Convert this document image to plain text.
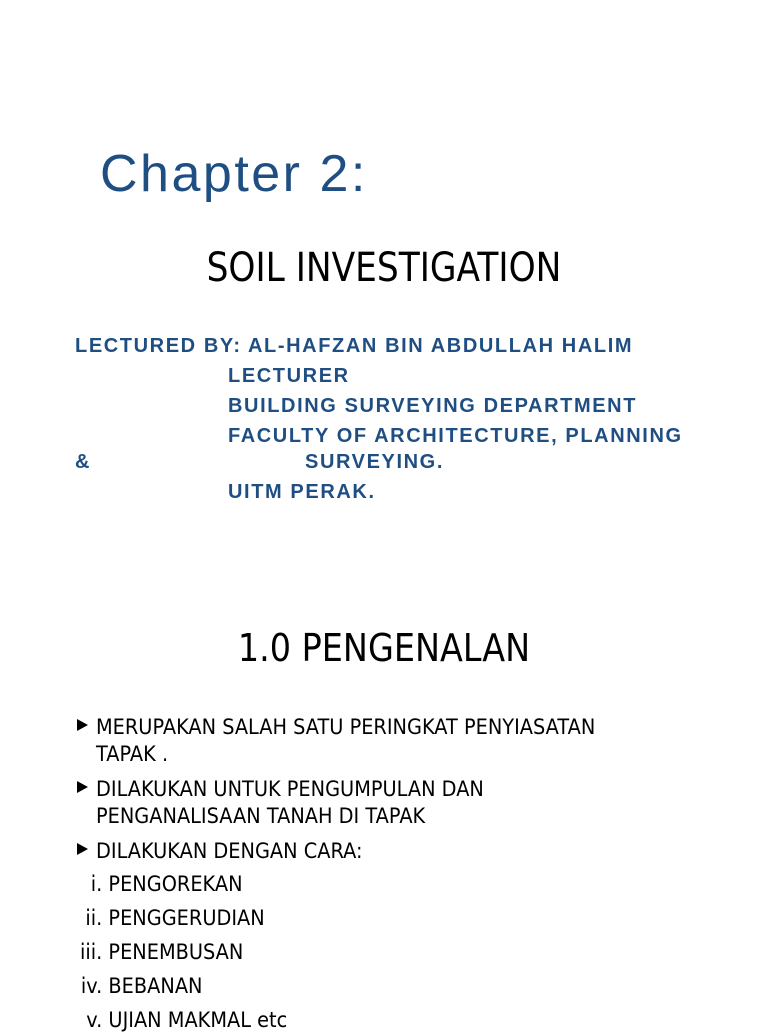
Chapter 2:
SOIL INVESTIGATION
LECTURED BY: AL-HAFZAN BIN ABDULLAH HALIM
LECTURER
BUILDING SURVEYING DEPARTMENT
FACULTY OF ARCHITECTURE, PLANNING
&	SURVEYING.
UITM PERAK.
1.0 PENGENALAN
MERUPAKAN SALAH SATU PERINGKAT PENYIASATAN
TAPAK .
DILAKUKAN UNTUK PENGUMPULAN DAN
PENGANALISAAN TANAH DI TAPAK
DILAKUKAN DENGAN CARA:
i. PENGOREKAN
ii. PENGGERUDIAN
iii. PENEMBUSAN
iv. BEBANAN
v. UJIAN MAKMAL etc
